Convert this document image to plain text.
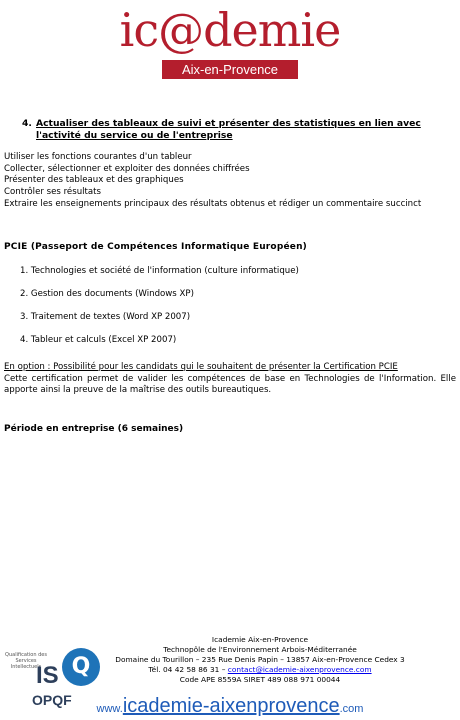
ic@demie
Aix-en-Provence
4. Actualiser des tableaux de suivi et présenter des statistiques en lien avec l'activité du service ou de l'entreprise
Utiliser les fonctions courantes d'un tableur
Collecter, sélectionner et exploiter des données chiffrées
Présenter des tableaux et des graphiques
Contrôler ses résultats
Extraire les enseignements principaux des résultats obtenus et rédiger un commentaire succinct
PCIE (Passeport de Compétences Informatique Européen)
1. Technologies et société de l'information (culture informatique)
2. Gestion des documents (Windows XP)
3. Traitement de textes (Word XP 2007)
4. Tableur et calculs (Excel XP 2007)
En option : Possibilité pour les candidats qui le souhaitent de présenter la Certification PCIE
Cette certification permet de valider les compétences de base en Technologies de l'Information. Elle apporte ainsi la preuve de la maîtrise des outils bureautiques.
Période en entreprise (6 semaines)
Qualification des Services Intellectuels
IS Q
OPQF
Icademie Aix-en-Provence
Technopôle de l'Environnement Arbois-Méditerranée
Domaine du Tourillon – 235 Rue Denis Papin – 13857 Aix-en-Provence Cedex 3
Tél. 04 42 58 86 31 – contact@icademie-aixenprovence.com
Code APE 8559A SIRET 489 088 971 00044
www.icademie-aixenprovence.com
